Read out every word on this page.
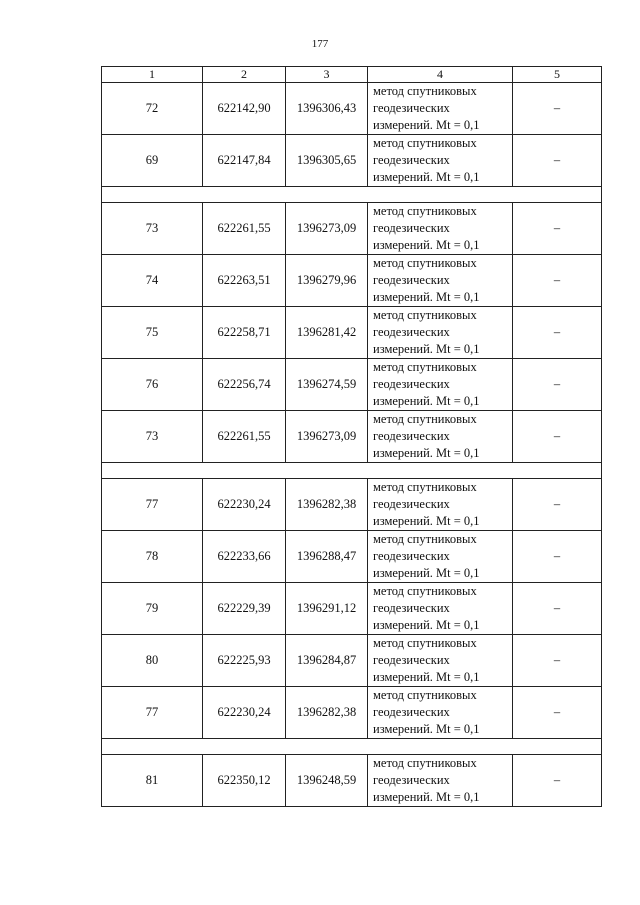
177
1	2	3	4	5
72	622142,90	1396306,43	метод спутниковых
геодезических
измерений. Mt = 0,1	–
69	622147,84	1396305,65	метод спутниковых
геодезических
измерений. Mt = 0,1	–

73	622261,55	1396273,09	метод спутниковых
геодезических
измерений. Mt = 0,1	–
74	622263,51	1396279,96	метод спутниковых
геодезических
измерений. Mt = 0,1	–
75	622258,71	1396281,42	метод спутниковых
геодезических
измерений. Mt = 0,1	–
76	622256,74	1396274,59	метод спутниковых
геодезических
измерений. Mt = 0,1	–
73	622261,55	1396273,09	метод спутниковых
геодезических
измерений. Mt = 0,1	–

77	622230,24	1396282,38	метод спутниковых
геодезических
измерений. Mt = 0,1	–
78	622233,66	1396288,47	метод спутниковых
геодезических
измерений. Mt = 0,1	–
79	622229,39	1396291,12	метод спутниковых
геодезических
измерений. Mt = 0,1	–
80	622225,93	1396284,87	метод спутниковых
геодезических
измерений. Mt = 0,1	–
77	622230,24	1396282,38	метод спутниковых
геодезических
измерений. Mt = 0,1	–

81	622350,12	1396248,59	метод спутниковых
геодезических
измерений. Mt = 0,1	–
